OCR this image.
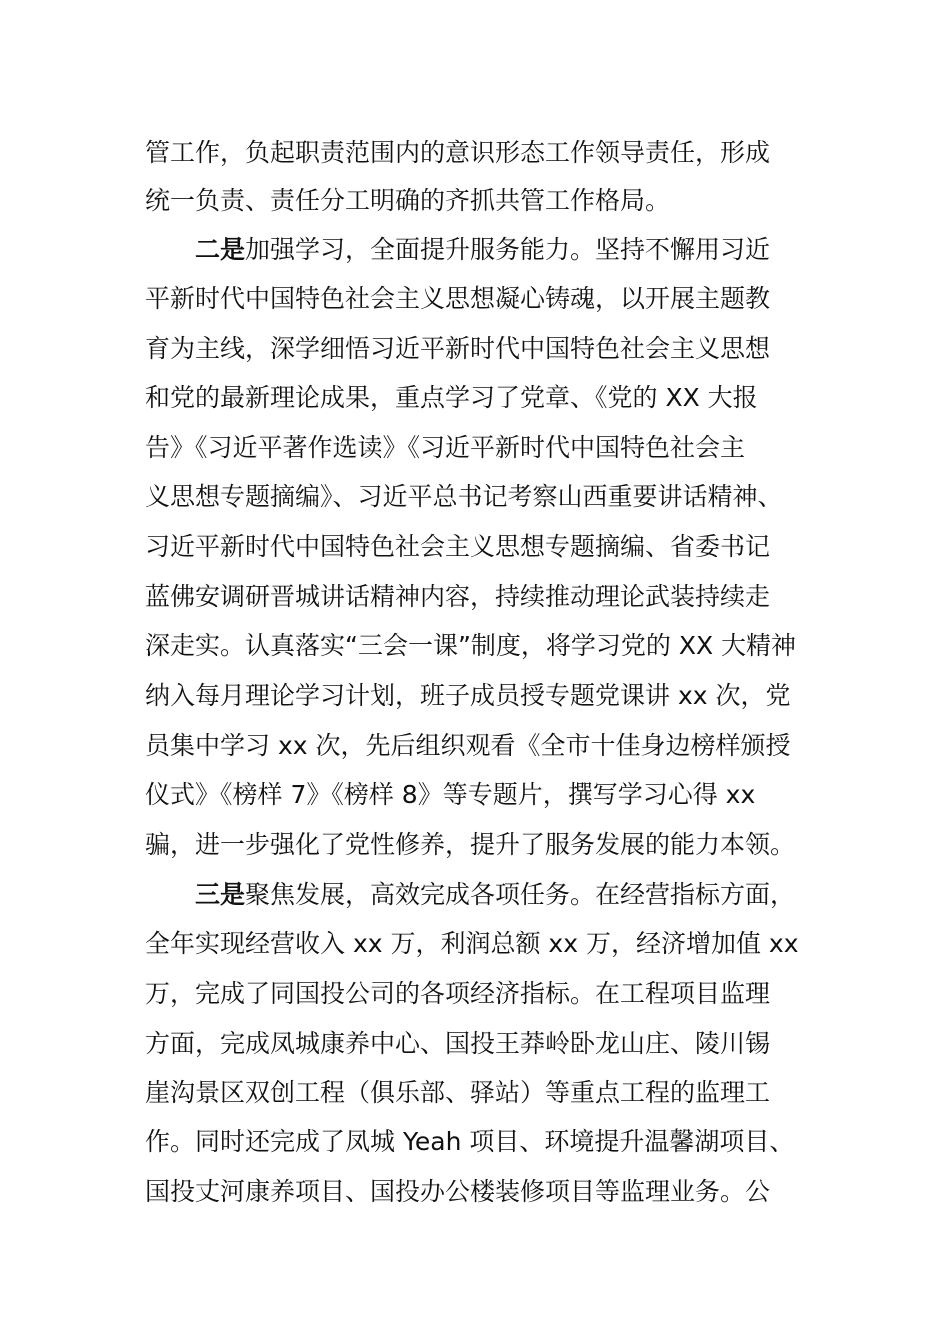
管工作，负起职责范围内的意识形态工作领导责任，形成
统一负责、责任分工明确的齐抓共管工作格局。
二是加强学习，全面提升服务能力。坚持不懈用习近
平新时代中国特色社会主义思想凝心铸魂，以开展主题教
育为主线，深学细悟习近平新时代中国特色社会主义思想
和党的最新理论成果，重点学习了党章、《党的 XX 大报
告》《习近平著作选读》《习近平新时代中国特色社会主
义思想专题摘编》、习近平总书记考察山西重要讲话精神、
习近平新时代中国特色社会主义思想专题摘编、省委书记
蓝佛安调研晋城讲话精神内容，持续推动理论武装持续走
深走实。认真落实“三会一课”制度，将学习党的 XX 大精神
纳入每月理论学习计划，班子成员授专题党课讲 xx 次，党
员集中学习 xx 次，先后组织观看《全市十佳身边榜样颁授
仪式》《榜样 7》《榜样 8》等专题片，撰写学习心得 xx
骗，进一步强化了党性修养，提升了服务发展的能力本领。
三是聚焦发展，高效完成各项任务。在经营指标方面，
全年实现经营收入 xx 万，利润总额 xx 万，经济增加值 xx
万，完成了同国投公司的各项经济指标。在工程项目监理
方面，完成凤城康养中心、国投王莽岭卧龙山庄、陵川锡
崖沟景区双创工程（俱乐部、驿站）等重点工程的监理工
作。同时还完成了凤城 Yeah 项目、环境提升温馨湖项目、
国投丈河康养项目、国投办公楼装修项目等监理业务。公
